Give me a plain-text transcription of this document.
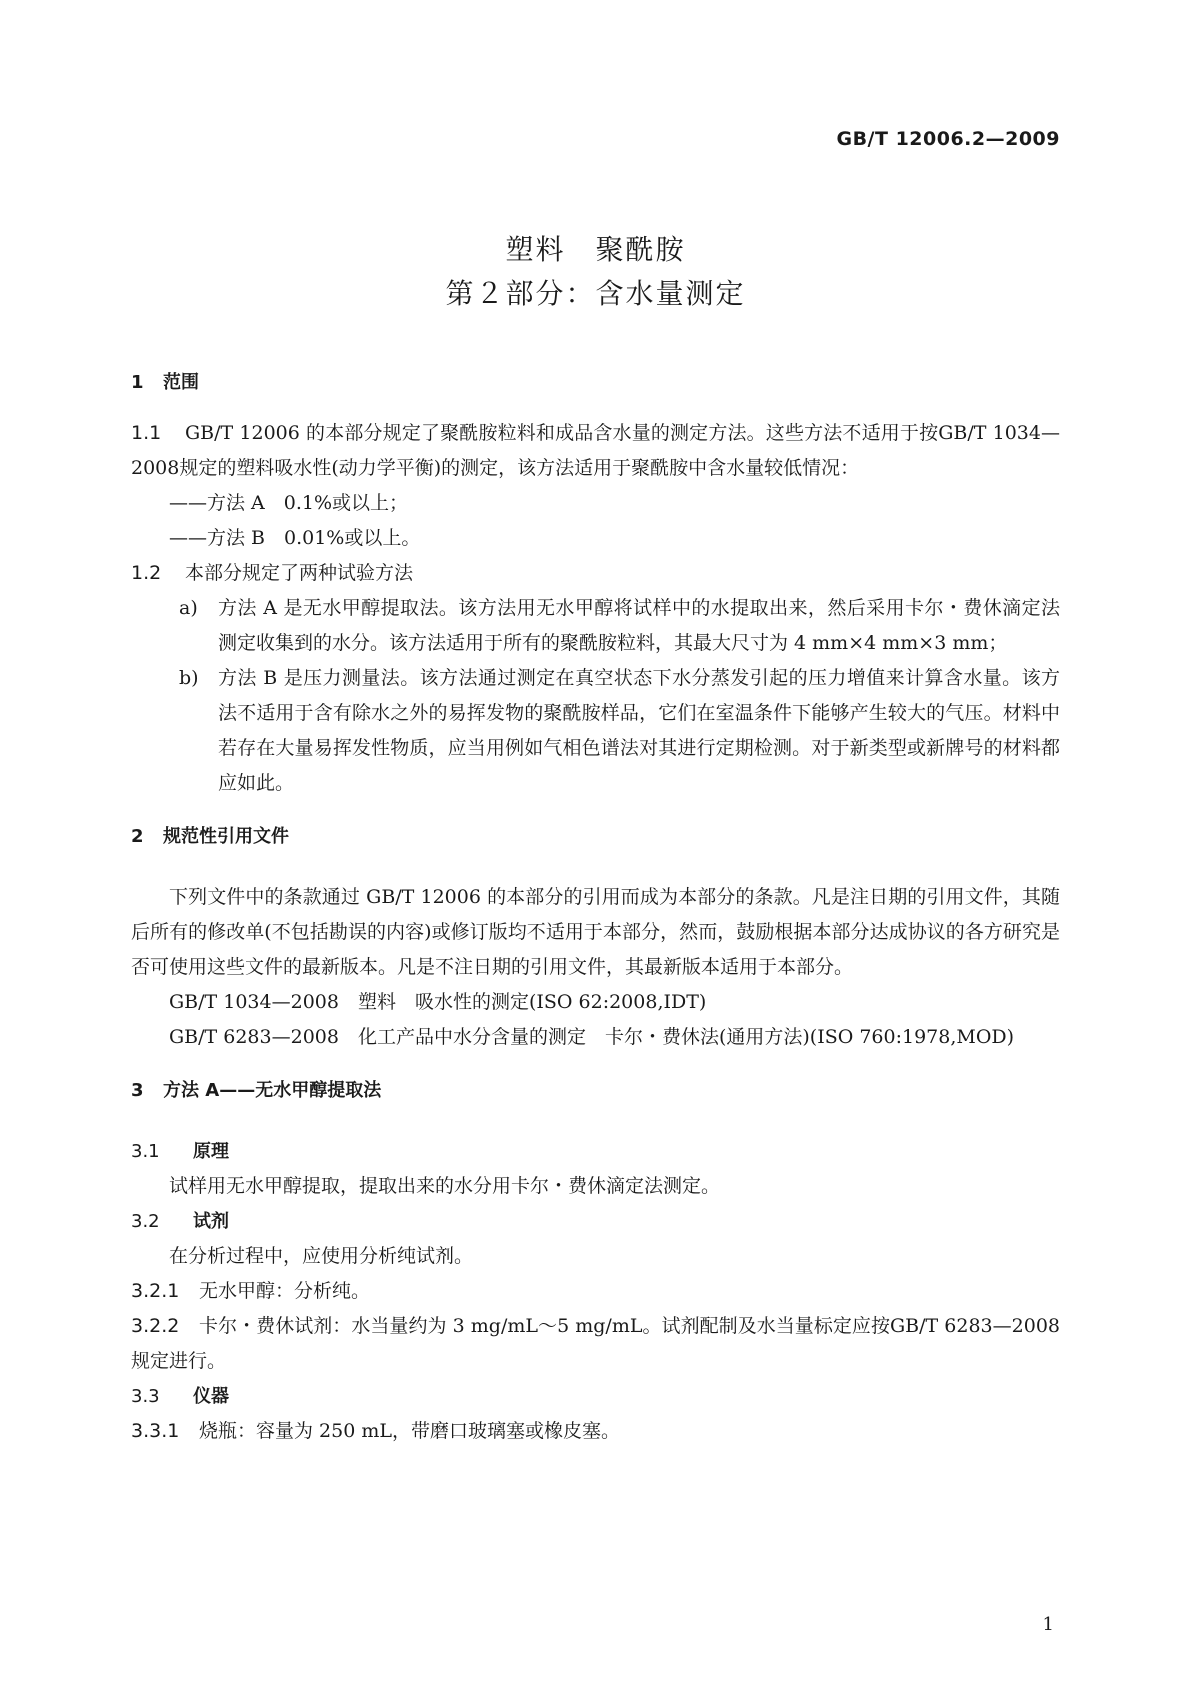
GB/T 12006.2—2009
塑料　聚酰胺
第２部分：含水量测定
1 范围

1.1 GB/T 12006 的本部分规定了聚酰胺粒料和成品含水量的测定方法。这些方法不适用于按GB/T 1034—2008规定的塑料吸水性(动力学平衡)的测定，该方法适用于聚酰胺中含水量较低情况：

——方法 A　0.1%或以上；

——方法 B　0.01%或以上。

1.2 本部分规定了两种试验方法

a) 方法 A 是无水甲醇提取法。该方法用无水甲醇将试样中的水提取出来，然后采用卡尔・费休滴定法测定收集到的水分。该方法适用于所有的聚酰胺粒料，其最大尺寸为 4 mm×4 mm×3 mm；

b) 方法 B 是压力测量法。该方法通过测定在真空状态下水分蒸发引起的压力增值来计算含水量。该方法不适用于含有除水之外的易挥发物的聚酰胺样品，它们在室温条件下能够产生较大的气压。材料中若存在大量易挥发性物质，应当用例如气相色谱法对其进行定期检测。对于新类型或新牌号的材料都应如此。

2 规范性引用文件

下列文件中的条款通过 GB/T 12006 的本部分的引用而成为本部分的条款。凡是注日期的引用文件，其随后所有的修改单(不包括勘误的内容)或修订版均不适用于本部分，然而，鼓励根据本部分达成协议的各方研究是否可使用这些文件的最新版本。凡是不注日期的引用文件，其最新版本适用于本部分。

GB/T 1034—2008　塑料　吸水性的测定(ISO 62:2008,IDT)

GB/T 6283—2008　化工产品中水分含量的测定　卡尔・费休法(通用方法)(ISO 760:1978,MOD)

3 方法 A——无水甲醇提取法
3.1 原理

试样用无水甲醇提取，提取出来的水分用卡尔・费休滴定法测定。

3.2 试剂

在分析过程中，应使用分析纯试剂。

3.2.1 无水甲醇：分析纯。

3.2.2 卡尔・费休试剂：水当量约为 3 mg/mL～5 mg/mL。试剂配制及水当量标定应按GB/T 6283—2008规定进行。

3.3 仪器

3.3.1 烧瓶：容量为 250 mL，带磨口玻璃塞或橡皮塞。

1
